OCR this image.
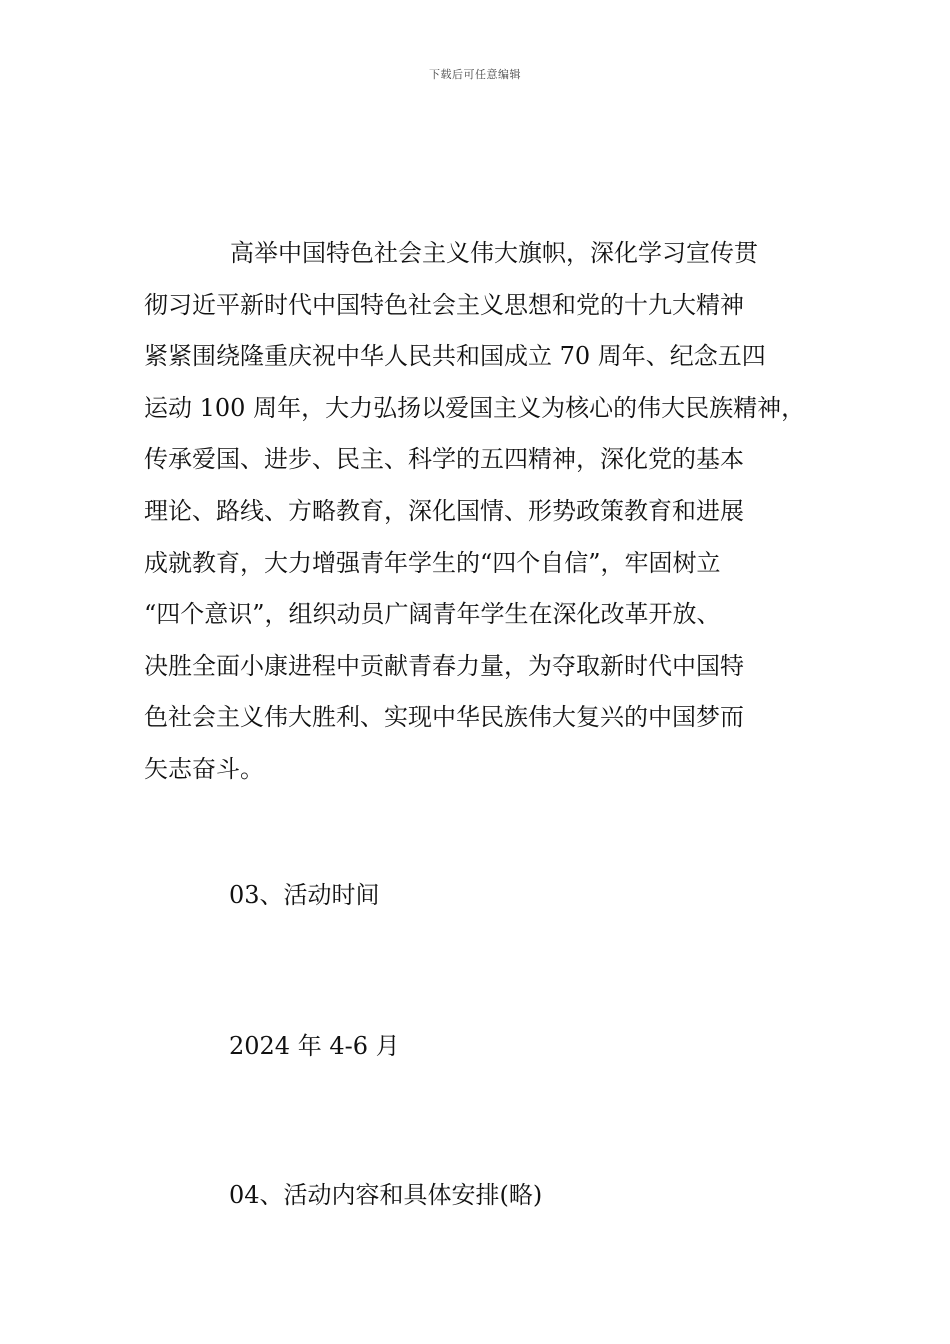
下载后可任意编辑
高举中国特色社会主义伟大旗帜，深化学习宣传贯
彻习近平新时代中国特色社会主义思想和党的十九大精神
紧紧围绕隆重庆祝中华人民共和国成立 70 周年、纪念五四
运动 100 周年，大力弘扬以爱国主义为核心的伟大民族精神，
传承爱国、进步、民主、科学的五四精神，深化党的基本
理论、路线、方略教育，深化国情、形势政策教育和进展
成就教育，大力增强青年学生的“四个自信”，牢固树立
“四个意识”，组织动员广阔青年学生在深化改革开放、
决胜全面小康进程中贡献青春力量，为夺取新时代中国特
色社会主义伟大胜利、实现中华民族伟大复兴的中国梦而
矢志奋斗。
03、活动时间
2024 年 4-6 月
04、活动内容和具体安排(略)
